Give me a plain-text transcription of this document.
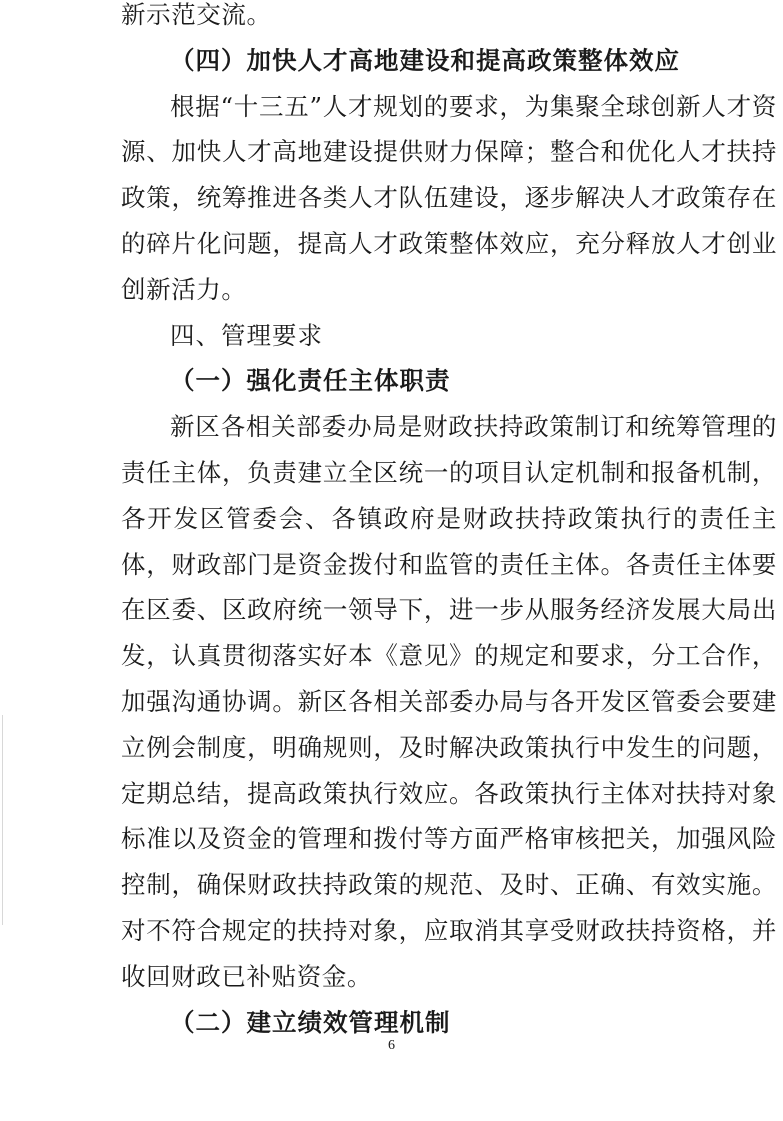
新示范交流。

（四）加快人才高地建设和提高政策整体效应

根据“十三五”人才规划的要求，为集聚全球创新人才资源、加快人才高地建设提供财力保障；整合和优化人才扶持政策，统筹推进各类人才队伍建设，逐步解决人才政策存在的碎片化问题，提高人才政策整体效应，充分释放人才创业创新活力。

四、管理要求

（一）强化责任主体职责

新区各相关部委办局是财政扶持政策制订和统筹管理的责任主体，负责建立全区统一的项目认定机制和报备机制，各开发区管委会、各镇政府是财政扶持政策执行的责任主体，财政部门是资金拨付和监管的责任主体。各责任主体要在区委、区政府统一领导下，进一步从服务经济发展大局出发，认真贯彻落实好本《意见》的规定和要求，分工合作，加强沟通协调。新区各相关部委办局与各开发区管委会要建立例会制度，明确规则，及时解决政策执行中发生的问题，定期总结，提高政策执行效应。各政策执行主体对扶持对象标准以及资金的管理和拨付等方面严格审核把关，加强风险控制，确保财政扶持政策的规范、及时、正确、有效实施。对不符合规定的扶持对象，应取消其享受财政扶持资格，并收回财政已补贴资金。

（二）建立绩效管理机制

6
